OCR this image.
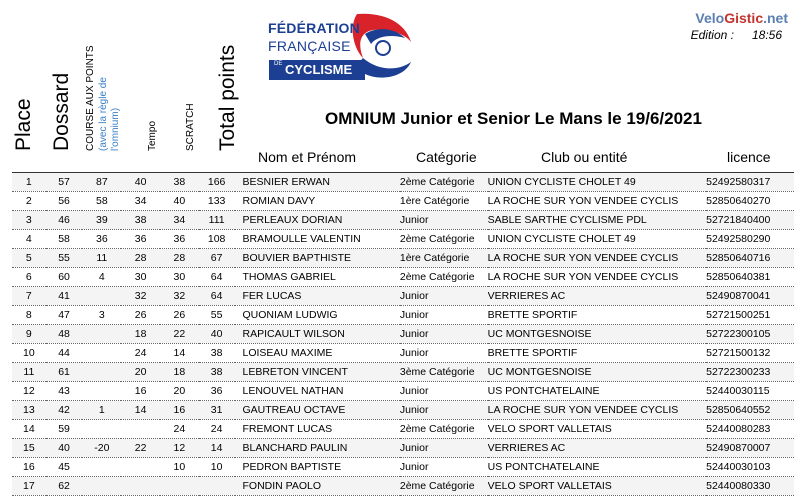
Place Dossard COURSE AUX POINTS (avec la règle de l'omnium)	Tempo	SCRATCH Total points
FÉDÉRATION
FRANÇAISE
DE CYCLISME
VeloGistic.net
Edition : 18:56
OMNIUM Junior et Senior Le Mans le 19/6/2021
Nom et Prénom	Catégorie	Club ou entité	licence
1	57	87	40	38	166	BESNIER ERWAN	2ème Catégorie	UNION CYCLISTE CHOLET 49	52492580317
2	56	58	34	40	133	ROMIAN DAVY	1ère Catégorie	LA ROCHE SUR YON VENDEE CYCLIS	52850640270
3	46	39	38	34	111	PERLEAUX DORIAN	Junior	SABLE SARTHE CYCLISME PDL	52721840400
4	58	36	36	36	108	BRAMOULLE VALENTIN	2ème Catégorie	UNION CYCLISTE CHOLET 49	52492580290
5	55	11	28	28	67	BOUVIER BAPTHISTE	1ère Catégorie	LA ROCHE SUR YON VENDEE CYCLIS	52850640716
6	60	4	30	30	64	THOMAS GABRIEL	2ème Catégorie	LA ROCHE SUR YON VENDEE CYCLIS	52850640381
7	41		32	32	64	FER LUCAS	Junior	VERRIERES AC	52490870041
8	47	3	26	26	55	QUONIAM LUDWIG	Junior	BRETTE SPORTIF	52721500251
9	48		18	22	40	RAPICAULT WILSON	Junior	UC MONTGESNOISE	52722300105
10	44		24	14	38	LOISEAU MAXIME	Junior	BRETTE SPORTIF	52721500132
11	61		20	18	38	LEBRETON VINCENT	3ème Catégorie	UC MONTGESNOISE	52722300233
12	43		16	20	36	LENOUVEL NATHAN	Junior	US PONTCHATELAINE	52440030115
13	42	1	14	16	31	GAUTREAU OCTAVE	Junior	LA ROCHE SUR YON VENDEE CYCLIS	52850640552
14	59			24	24	FREMONT LUCAS	2ème Catégorie	VELO SPORT VALLETAIS	52440080283
15	40	-20	22	12	14	BLANCHARD PAULIN	Junior	VERRIERES AC	52490870007
16	45			10	10	PEDRON BAPTISTE	Junior	US PONTCHATELAINE	52440030103
17	62					FONDIN PAOLO	2ème Catégorie	VELO SPORT VALLETAIS	52440080330
